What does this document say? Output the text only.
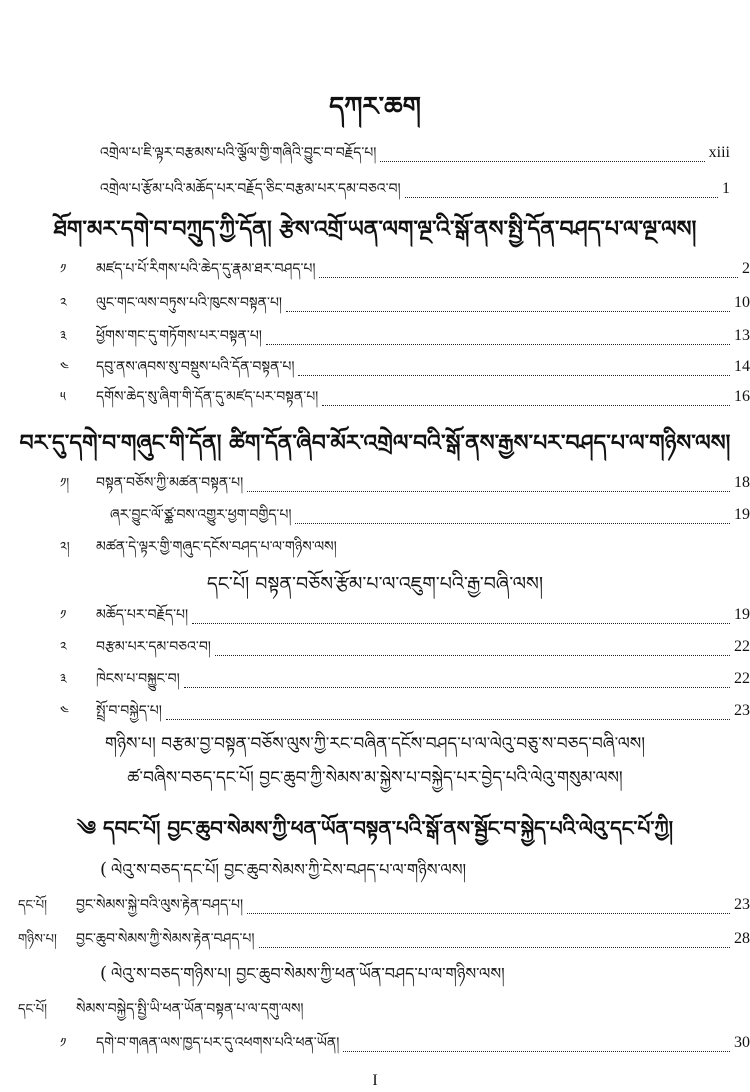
དཀར་ཆག
འགྲེལ་པ་ཇི་ལྟར་བརྩམས་པའི་ལྕོལ་གྱི་གཞིའི་བྱུང་བ་བརྗོད་པ།	xiii
འགྲེལ་པ་རྩོམ་པའི་མཆོད་པར་བརྗོད་ཅིང་བརྩམ་པར་དམ་བཅའ་བ།	1
ཐོག་མར་དགེ་བ་བཀྲུད་ཀྱི་དོན། རྩེས་འགྲོ་ཡན་ལག་ལྔ་འི་སྒོ་ནས་སྤྱི་དོན་བཤད་པ་ལ་ལྔ་ལས།
༡	མཛད་པ་པོ་རིགས་པའི་ཆེད་དུ་རྣམ་ཐར་བཤད་པ།	2
༢	ལུང་གང་ལས་བཏུས་པའི་ཁུངས་བསྟན་པ།	10
༣	ཕྱོགས་གང་དུ་གཏོགས་པར་བསྟན་པ།	13
༤	དབུ་ནས་ཞབས་སུ་བསྡུས་པའི་དོན་བསྟན་པ།	14
༥	དགོས་ཆེད་སུ་ཞིག་གི་དོན་དུ་མཛད་པར་བསྟན་པ།	16
བར་དུ་དགེ་བ་གཞུང་གི་དོན། ཚིག་དོན་ཞིབ་མོར་འགྲེལ་བའི་སྒོ་ནས་རྒྱས་པར་བཤད་པ་ལ་གཉིས་ལས།
༡།	བསྟན་བཅོས་ཀྱི་མཚན་བསྟན་པ།	18
ཞར་བྱུང་ལོ་ཙྪ་བས་འགྱུར་ཕྱག་བགྱིད་པ།	19
༢།	མཚན་དེ་ལྟར་གྱི་གཞུང་དངོས་བཤད་པ་ལ་གཉིས་ལས།
དང་པོ། བསྟན་བཅོས་རྩོམ་པ་ལ་འཇུག་པའི་རྒྱ་བཞི་ལས།
༡	མཆོད་པར་བརྗོད་པ།	19
༢	བརྩམ་པར་དམ་བཅའ་བ།	22
༣	ཁེངས་པ་བསྐྱུང་བ།	22
༤	སྤྲོ་བ་བསྐྱེད་པ།	23
གཉིས་པ། བརྩམ་བྱ་བསྟན་བཅོས་ལུས་ཀྱི་རང་བཞིན་དངོས་བཤད་པ་ལ་ལེའུ་བཅུ་ས་བཅད་བཞི་ལས།
ཚ་བཞིས་བཅད་དང་པོ། བྱང་ཆུབ་ཀྱི་སེམས་མ་སྐྱེས་པ་བསྐྱེད་པར་བྱེད་པའི་ལེའུ་གསུམ་ལས།
༄ དབང་པོ། བྱང་ཆུབ་སེམས་ཀྱི་ཕན་ཡོན་བསྟན་པའི་སྒོ་ནས་སྦྱོང་བ་སྐྱེད་པའི་ལེའུ་དང་པོ་ཀྱི།
( ལེའུ་ས་བཅད་དང་པོ། བྱང་ཆུབ་སེམས་ཀྱི་ངེས་བཤད་པ་ལ་གཉིས་ལས།
དང་པོ།	བྱང་སེམས་སྐྱེ་བའི་ལུས་རྟེན་བཤད་པ།	23
གཉིས་པ།	བྱང་ཆུབ་སེམས་ཀྱི་སེམས་རྟེན་བཤད་པ།	28
( ལེའུ་ས་བཅད་གཉིས་པ། བྱང་ཆུབ་སེམས་ཀྱི་ཕན་ཡོན་བཤད་པ་ལ་གཉིས་ལས།
དང་པོ།	སེམས་བསྐྱེད་སྤྱི་ཡི་ཕན་ཡོན་བསྟན་པ་ལ་དགུ་ལས།
༡	དགེ་བ་གཞན་ལས་ཁྱད་པར་དུ་འཕགས་པའི་ཕན་ཡོན།	30
I
